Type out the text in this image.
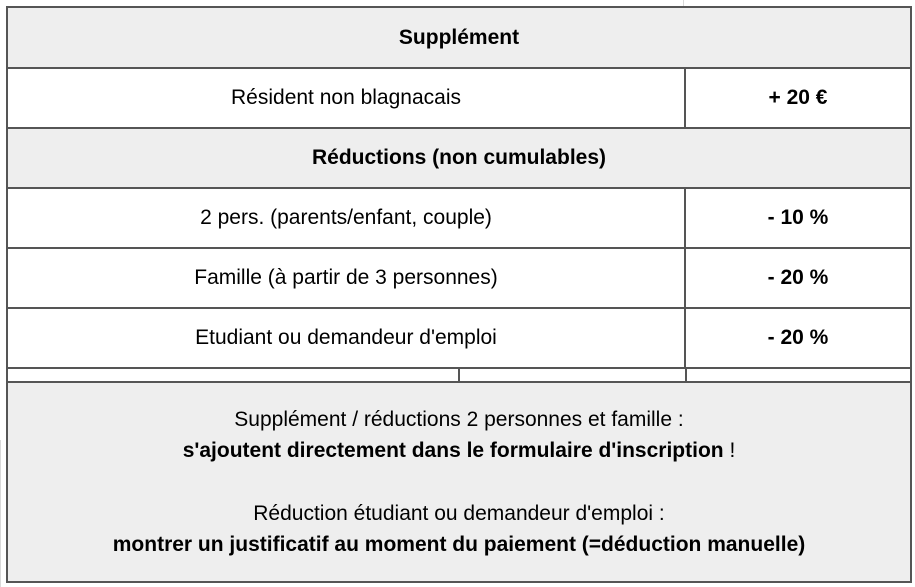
Supplément
Résident non blagnacais	+ 20 €
Réductions (non cumulables)
2 pers. (parents/enfant, couple)	- 10 %
Famille (à partir de 3 personnes)	- 20 %
Etudiant ou demandeur d'emploi	- 20 %
Supplément / réductions 2 personnes et famille :
s'ajoutent directement dans le formulaire d'inscription !
Réduction étudiant ou demandeur d'emploi :
montrer un justificatif au moment du paiement (=déduction manuelle)
